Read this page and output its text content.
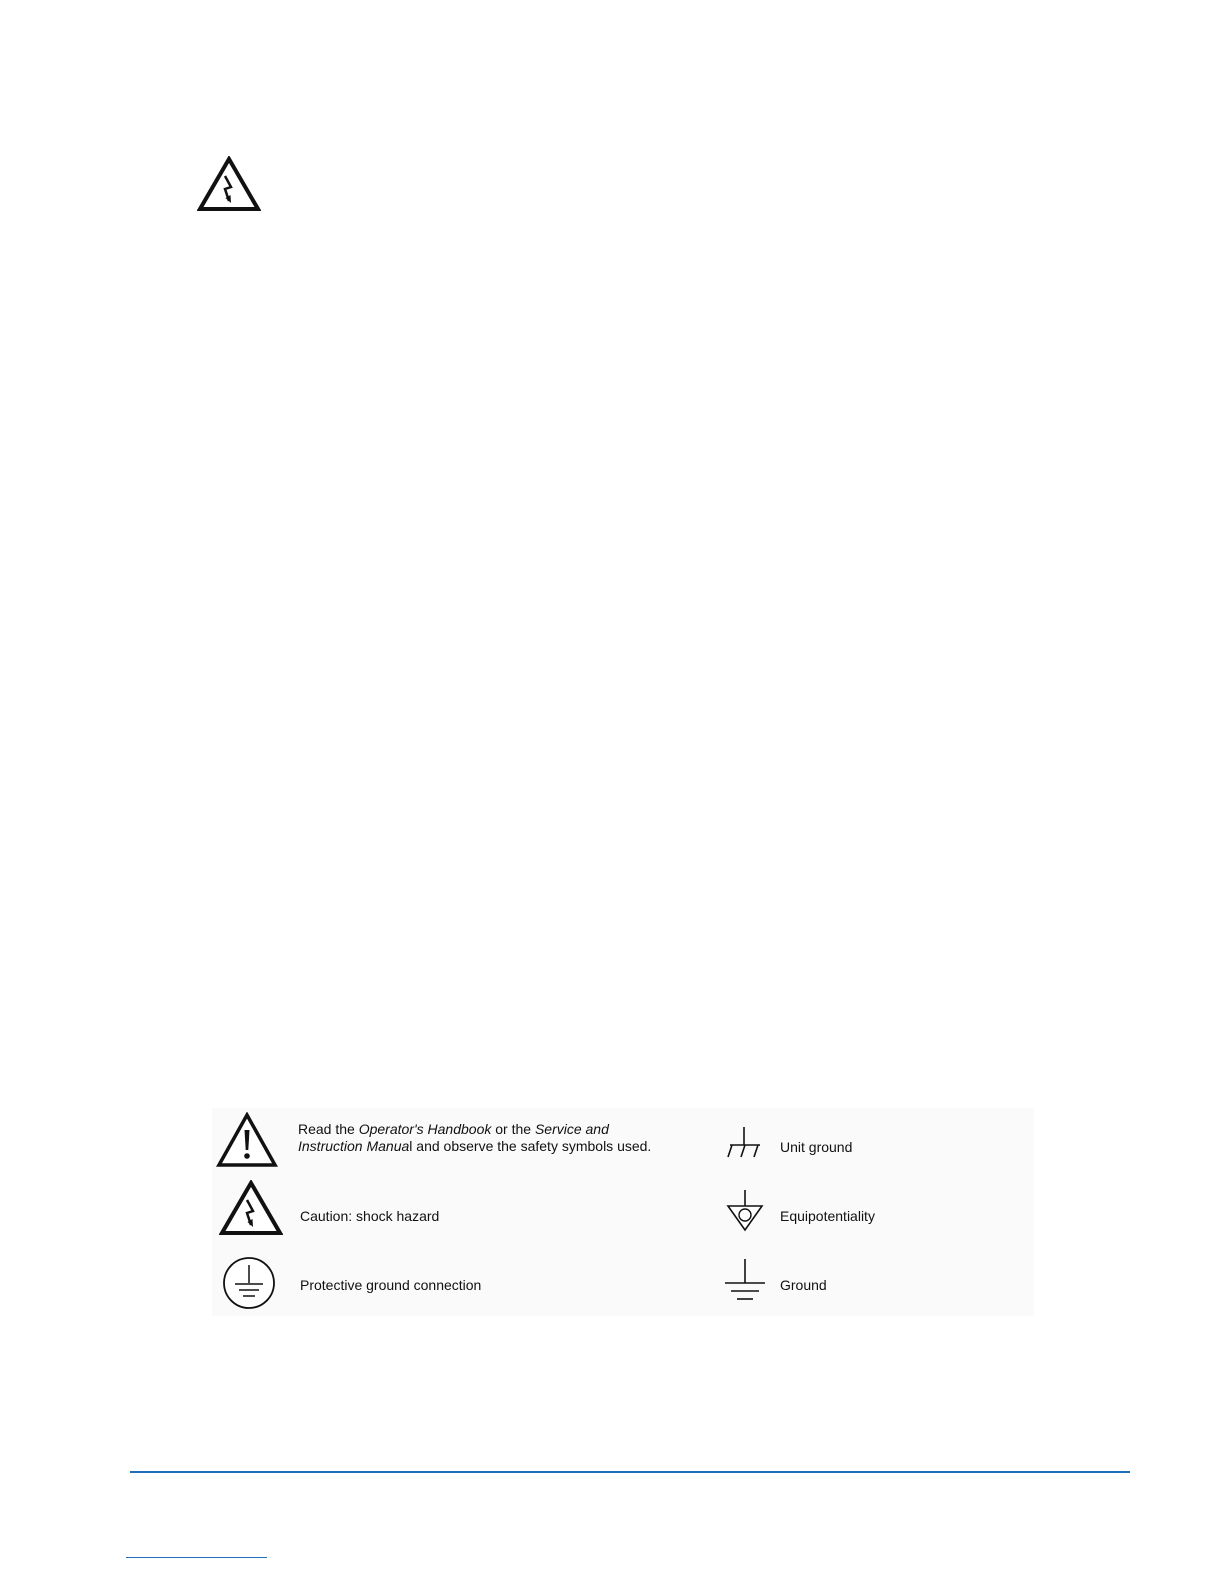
Read the Operator's Handbook or the Service and
Instruction Manual and observe the safety symbols used.	Unit ground
Caution: shock hazard	Equipotentiality
Protective ground connection	Ground
